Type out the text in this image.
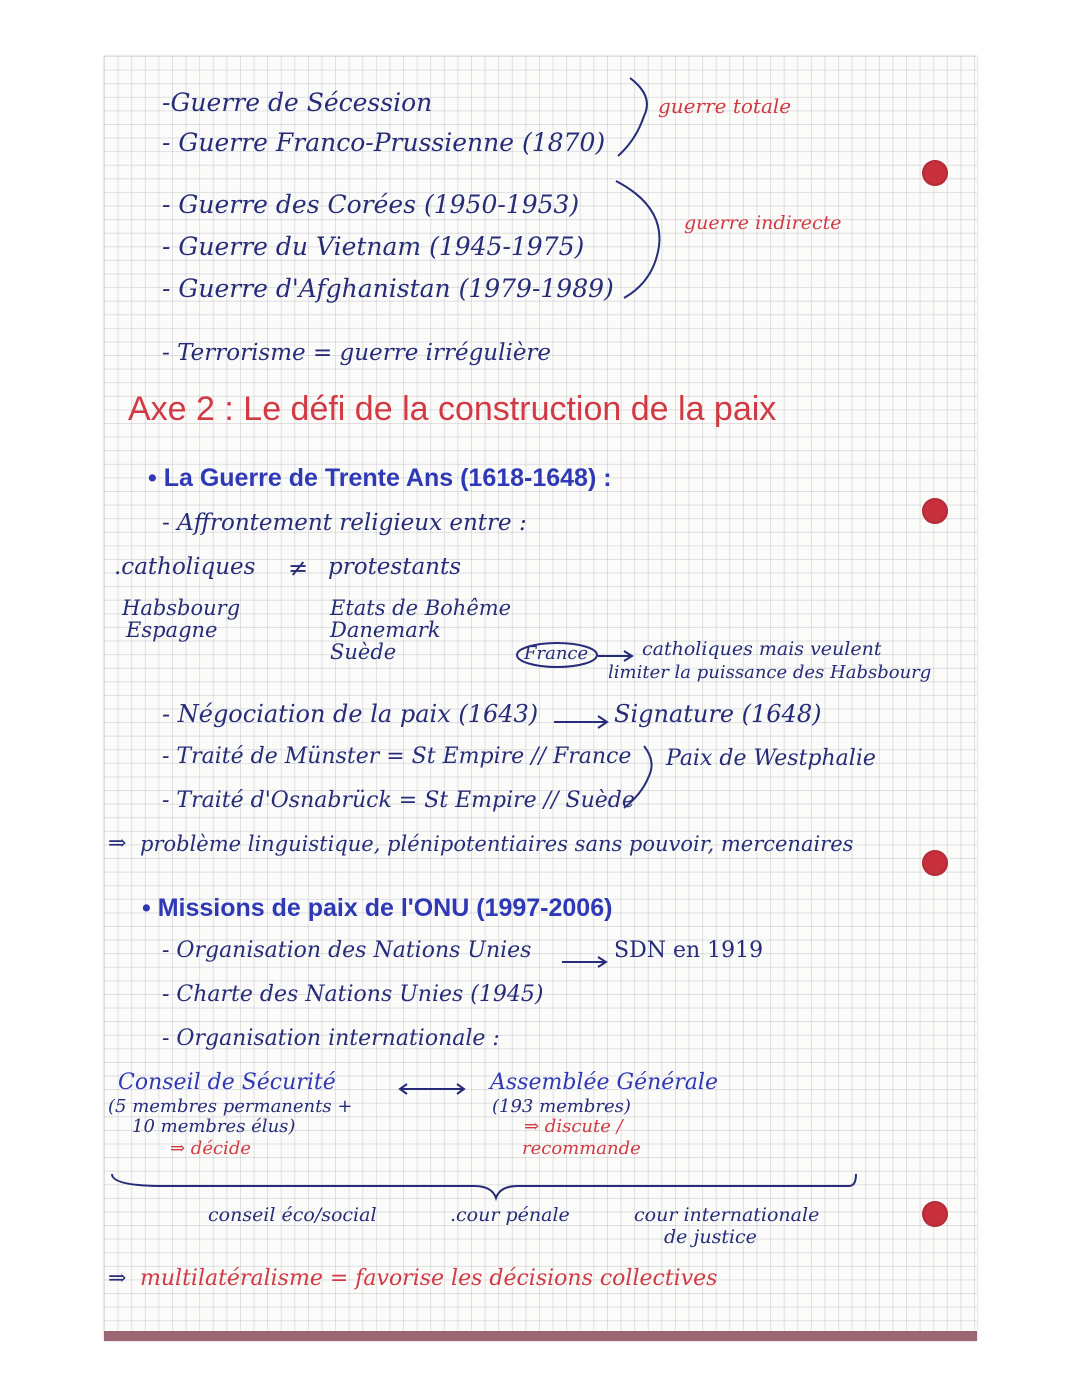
-Guerre de Sécession
- Guerre Franco-Prussienne (1870)
guerre totale
- Guerre des Corées (1950-1953)
- Guerre du Vietnam (1945-1975)
- Guerre d'Afghanistan (1979-1989)
guerre indirecte
- Terrorisme = guerre irrégulière
Axe 2 : Le défi de la construction de la paix
• La Guerre de Trente Ans (1618-1648) :
- Affrontement religieux entre :
.catholiques ≠ protestants
Habsbourg
Espagne
Etats de Bohême
Danemark
Suède	France	catholiques mais veulent
limiter la puissance des Habsbourg
- Négociation de la paix (1643)	Signature (1648)
- Traité de Münster = St Empire // France Paix de Westphalie
- Traité d'Osnabrück = St Empire // Suède
⇒ problème linguistique, plénipotentiaires sans pouvoir, mercenaires
• Missions de paix de l'ONU (1997-2006)
- Organisation des Nations Unies	SDN en 1919
- Charte des Nations Unies (1945)
- Organisation internationale :
Conseil de Sécurité
(5 membres permanents +
10 membres élus)
⇒ décide
Assemblée Générale
(193 membres)
⇒ discute /
recommande
conseil éco/social	.cour pénale	cour internationale
de justice
⇒ multilatéralisme = favorise les décisions collectives
